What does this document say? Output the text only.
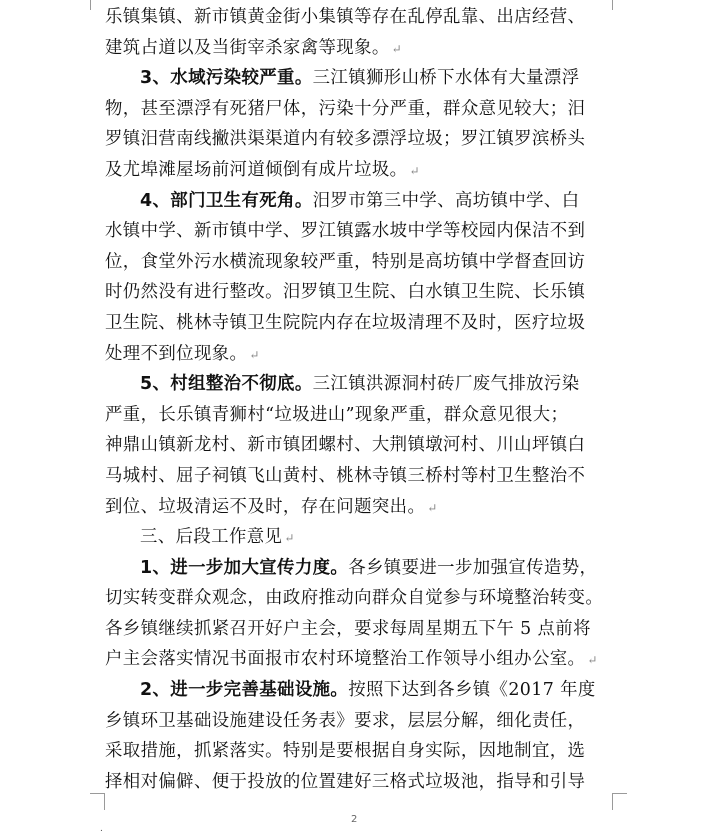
乐镇集镇、新市镇黄金街小集镇等存在乱停乱靠、出店经营、
建筑占道以及当街宰杀家禽等现象。 ↵
3、水域污染较严重。三江镇狮形山桥下水体有大量漂浮
物，甚至漂浮有死猪尸体，污染十分严重，群众意见较大；汨
罗镇汨营南线撇洪渠渠道内有较多漂浮垃圾；罗江镇罗滨桥头
及尤埠滩屋场前河道倾倒有成片垃圾。 ↵
4、部门卫生有死角。汨罗市第三中学、高坊镇中学、白
水镇中学、新市镇中学、罗江镇露水坡中学等校园内保洁不到
位，食堂外污水横流现象较严重，特别是高坊镇中学督查回访
时仍然没有进行整改。汨罗镇卫生院、白水镇卫生院、长乐镇
卫生院、桃林寺镇卫生院院内存在垃圾清理不及时，医疗垃圾
处理不到位现象。 ↵
5、村组整治不彻底。三江镇洪源洞村砖厂废气排放污染
严重，长乐镇青狮村“垃圾进山”现象严重，群众意见很大；
神鼎山镇新龙村、新市镇团螺村、大荆镇墩河村、川山坪镇白
马城村、屈子祠镇飞山黄村、桃林寺镇三桥村等村卫生整治不
到位、垃圾清运不及时，存在问题突出。 ↵
三、后段工作意见 ↵
1、进一步加大宣传力度。各乡镇要进一步加强宣传造势，
切实转变群众观念，由政府推动向群众自觉参与环境整治转变。
各乡镇继续抓紧召开好户主会，要求每周星期五下午 5 点前将
户主会落实情况书面报市农村环境整治工作领导小组办公室。 ↵
2、进一步完善基础设施。按照下达到各乡镇《2017 年度
乡镇环卫基础设施建设任务表》要求，层层分解，细化责任，
采取措施，抓紧落实。特别是要根据自身实际，因地制宜，选
择相对偏僻、便于投放的位置建好三格式垃圾池，指导和引导
2
.
